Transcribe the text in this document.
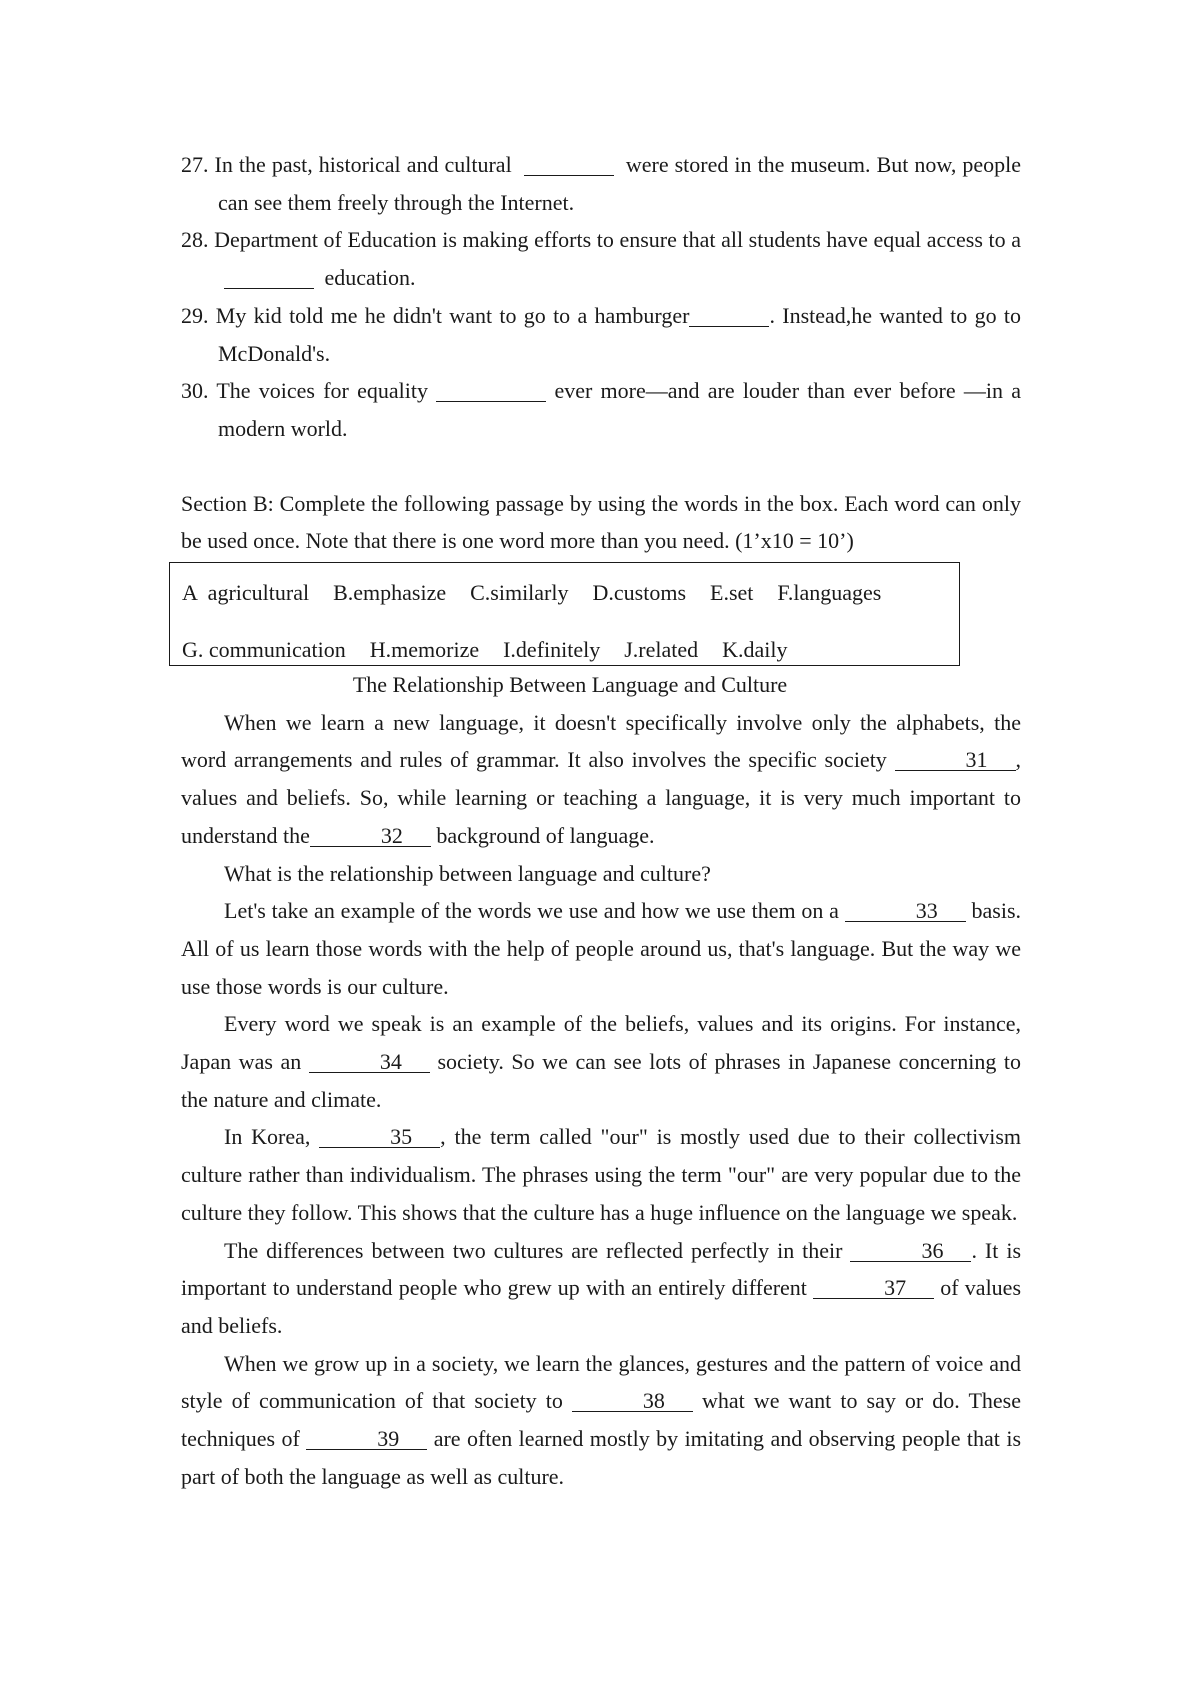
27. In the past, historical and cultural	were stored in the museum. But now, people can see them freely through the Internet.
28. Department of Education is making efforts to ensure that all students have equal access to a    education.
29. My kid told me he didn't want to go to a hamburger	. Instead,he wanted to go to McDonald's.
30. The voices for equality	ever more—and are louder than ever before —in a modern world.
Section B: Complete the following passage by using the words in the box. Each word can only be used once. Note that there is one word more than you need. (1’x10 = 10’)
A  agricultural B.emphasize C.similarly D.customs E.set F.languages
G. communication H.memorize I.definitely J.related K.daily
The Relationship Between Language and Culture
When we learn a new language, it doesn't specifically involve only the alphabets, the word arrangements and rules of grammar. It also involves the specific society	31 , values and beliefs. So, while learning or teaching a language, it is very much important to understand the	32 background of language.
What is the relationship between language and culture?
Let's take an example of the words we use and how we use them on a	33 basis. All of us learn those words with the help of people around us, that's language. But the way we use those words is our culture.
Every word we speak is an example of the beliefs, values and its origins. For instance, Japan was an	34 society. So we can see lots of phrases in Japanese concerning to the nature and climate.
In Korea,	35 , the term called "our" is mostly used due to their collectivism culture rather than individualism. The phrases using the term "our" are very popular due to the culture they follow. This shows that the culture has a huge influence on the language we speak.
The differences between two cultures are reflected perfectly in their	36 . It is important to understand people who grew up with an entirely different	37 of values and beliefs.
When we grow up in a society, we learn the glances, gestures and the pattern of voice and style of communication of that society to	38 what we want to say or do. These techniques of	39 are often learned mostly by imitating and observing people that is part of both the language as well as culture.
